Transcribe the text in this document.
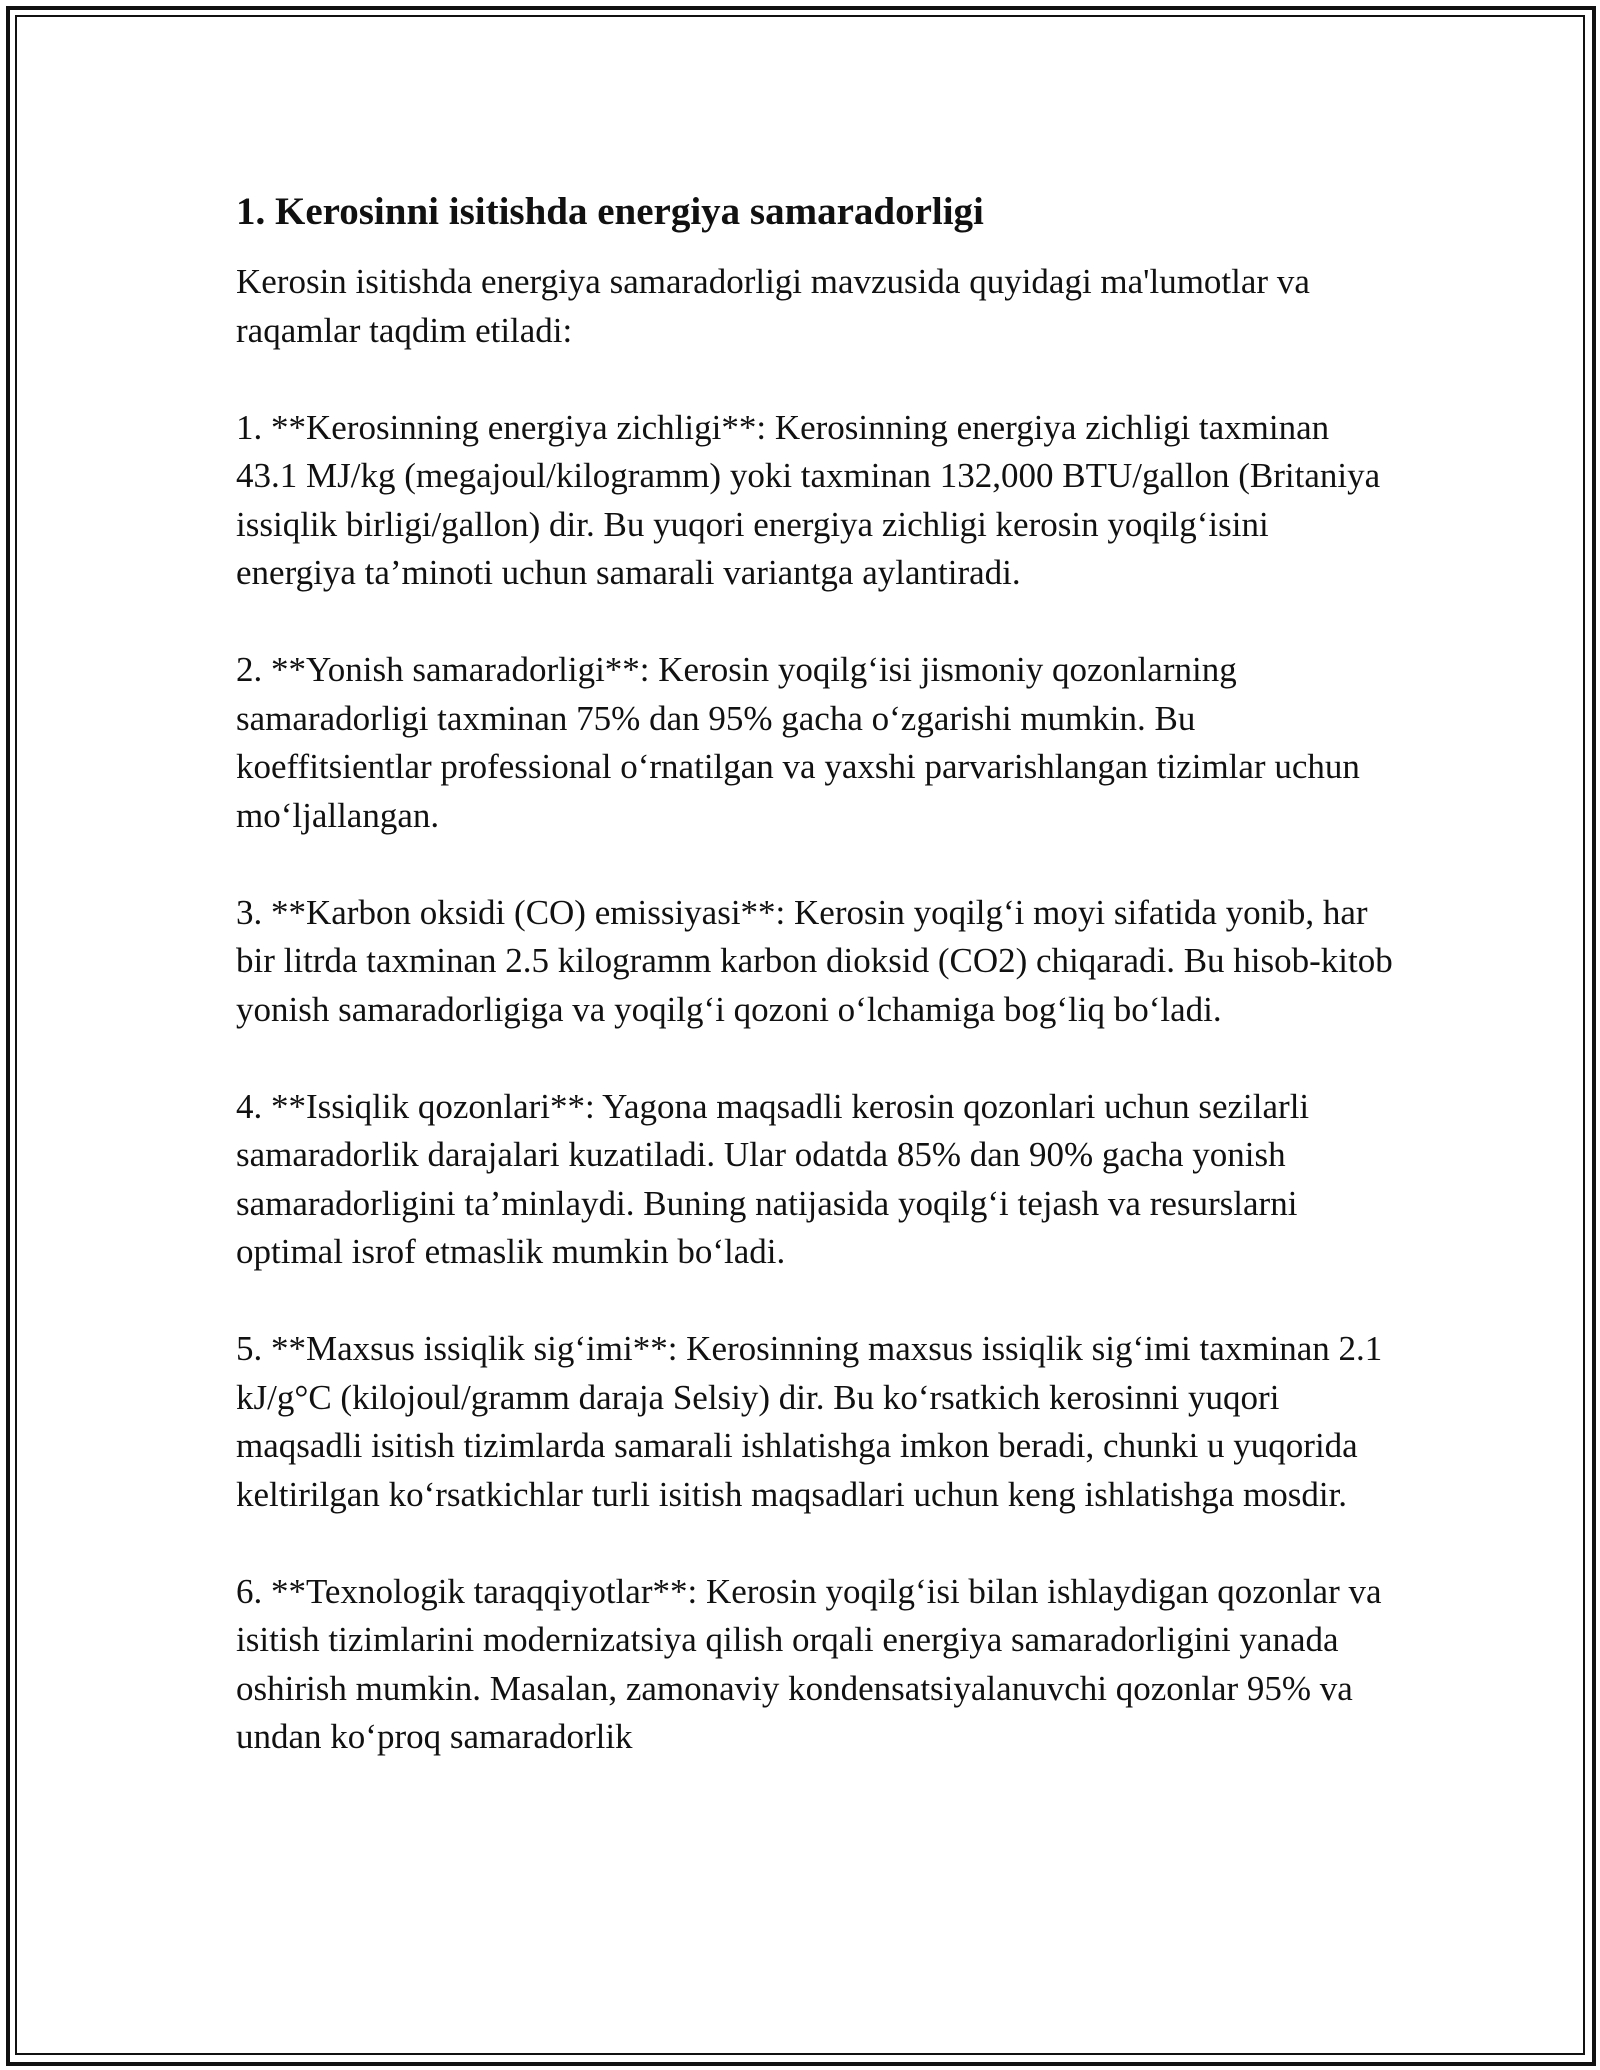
1. Kerosinni isitishda energiya samaradorligi

Kerosin isitishda energiya samaradorligi mavzusida quyidagi ma'lumotlar va raqamlar taqdim etiladi:

1. **Kerosinning energiya zichligi**: Kerosinning energiya zichligi taxminan 43.1 MJ/kg (megajoul/kilogramm) yoki taxminan 132,000 BTU/gallon (Britaniya issiqlik birligi/gallon) dir. Bu yuqori energiya zichligi kerosin yoqilg‘isini energiya ta’minoti uchun samarali variantga aylantiradi.

2. **Yonish samaradorligi**: Kerosin yoqilg‘isi jismoniy qozonlarning samaradorligi taxminan 75% dan 95% gacha o‘zgarishi mumkin. Bu koeffitsientlar professional o‘rnatilgan va yaxshi parvarishlangan tizimlar uchun mo‘ljallangan.

3. **Karbon oksidi (CO) emissiyasi**: Kerosin yoqilg‘i moyi sifatida yonib, har bir litrda taxminan 2.5 kilogramm karbon dioksid (CO2) chiqaradi. Bu hisob-kitob yonish samaradorligiga va yoqilg‘i qozoni o‘lchamiga bog‘liq bo‘ladi.

4. **Issiqlik qozonlari**: Yagona maqsadli kerosin qozonlari uchun sezilarli samaradorlik darajalari kuzatiladi. Ular odatda 85% dan 90% gacha yonish samaradorligini ta’minlaydi. Buning natijasida yoqilg‘i tejash va resurslarni optimal isrof etmaslik mumkin bo‘ladi.

5. **Maxsus issiqlik sig‘imi**: Kerosinning maxsus issiqlik sig‘imi taxminan 2.1 kJ/g°C (kilojoul/gramm daraja Selsiy) dir. Bu ko‘rsatkich kerosinni yuqori maqsadli isitish tizimlarda samarali ishlatishga imkon beradi, chunki u yuqorida keltirilgan ko‘rsatkichlar turli isitish maqsadlari uchun keng ishlatishga mosdir.

6. **Texnologik taraqqiyotlar**: Kerosin yoqilg‘isi bilan ishlaydigan qozonlar va isitish tizimlarini modernizatsiya qilish orqali energiya samaradorligini yanada oshirish mumkin. Masalan, zamonaviy kondensatsiyalanuvchi qozonlar 95% va undan ko‘proq samaradorlik
